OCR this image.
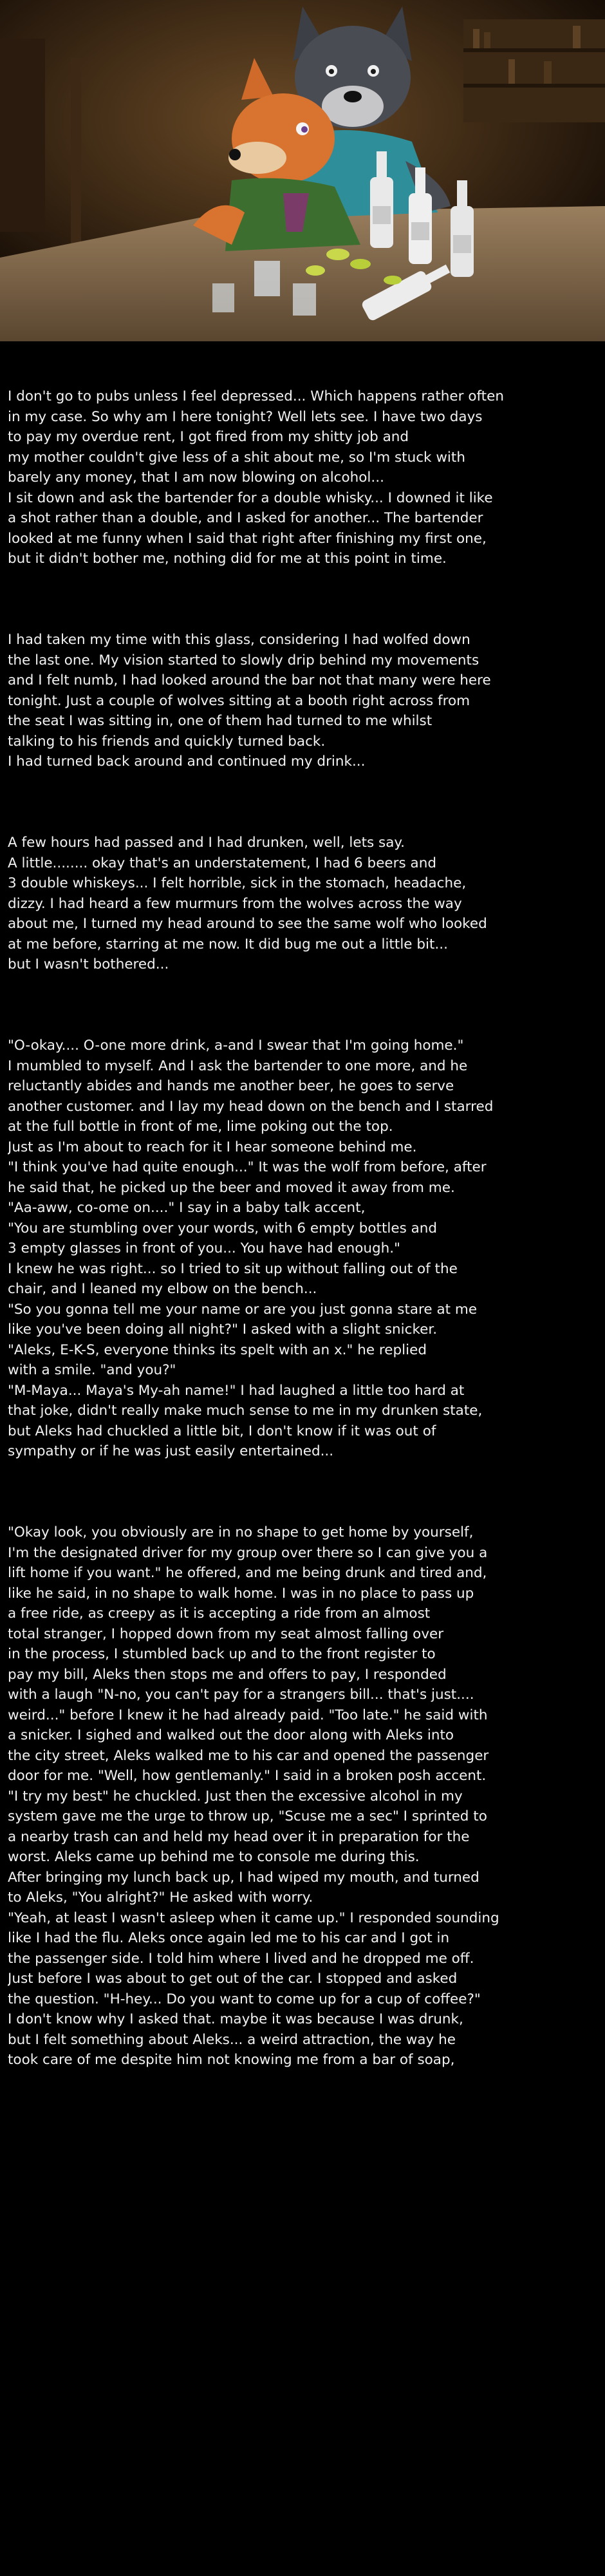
I don't go to pubs unless I feel depressed... Which happens rather often
in my case. So why am I here tonight? Well lets see. I have two days
to pay my overdue rent, I got fired from my shitty job and
my mother couldn't give less of a shit about me, so I'm stuck with
barely any money, that I am now blowing on alcohol...
I sit down and ask the bartender for a double whisky... I downed it like
a shot rather than a double, and I asked for another... The bartender
looked at me funny when I said that right after finishing my first one,
but it didn't bother me, nothing did for me at this point in time.

I had taken my time with this glass, considering I had wolfed down
the last one. My vision started to slowly drip behind my movements
and I felt numb, I had looked around the bar not that many were here
tonight. Just a couple of wolves sitting at a booth right across from
the seat I was sitting in, one of them had turned to me whilst
talking to his friends and quickly turned back.
I had turned back around and continued my drink...

A few hours had passed and I had drunken, well, lets say.
A little........ okay that's an understatement, I had 6 beers and
3 double whiskeys... I felt horrible, sick in the stomach, headache,
dizzy. I had heard a few murmurs from the wolves across the way
about me, I turned my head around to see the same wolf who looked
at me before, starring at me now. It did bug me out a little bit...
but I wasn't bothered...

"O-okay.... O-one more drink, a-and I swear that I'm going home."
I mumbled to myself. And I ask the bartender to one more, and he
reluctantly abides and hands me another beer, he goes to serve
another customer. and I lay my head down on the bench and I starred
at the full bottle in front of me, lime poking out the top.
Just as I'm about to reach for it I hear someone behind me.
"I think you've had quite enough..." It was the wolf from before, after
he said that, he picked up the beer and moved it away from me.
"Aa-aww, co-ome on...." I say in a baby talk accent,
"You are stumbling over your words, with 6 empty bottles and
3 empty glasses in front of you... You have had enough."
I knew he was right... so I tried to sit up without falling out of the
chair, and I leaned my elbow on the bench...
"So you gonna tell me your name or are you just gonna stare at me
like you've been doing all night?" I asked with a slight snicker.
"Aleks, E-K-S, everyone thinks its spelt with an x." he replied
with a smile. "and you?"
"M-Maya... Maya's My-ah name!" I had laughed a little too hard at
that joke, didn't really make much sense to me in my drunken state,
but Aleks had chuckled a little bit, I don't know if it was out of
sympathy or if he was just easily entertained...

"Okay look, you obviously are in no shape to get home by yourself,
I'm the designated driver for my group over there so I can give you a
lift home if you want." he offered, and me being drunk and tired and,
like he said, in no shape to walk home. I was in no place to pass up
a free ride, as creepy as it is accepting a ride from an almost
total stranger, I hopped down from my seat almost falling over
in the process, I stumbled back up and to the front register to
pay my bill, Aleks then stops me and offers to pay, I responded
with a laugh "N-no, you can't pay for a strangers bill... that's just....
weird..." before I knew it he had already paid. "Too late." he said with
a snicker. I sighed and walked out the door along with Aleks into
the city street, Aleks walked me to his car and opened the passenger
door for me. "Well, how gentlemanly." I said in a broken posh accent.
"I try my best" he chuckled. Just then the excessive alcohol in my
system gave me the urge to throw up, "Scuse me a sec" I sprinted to
a nearby trash can and held my head over it in preparation for the
worst. Aleks came up behind me to console me during this.
After bringing my lunch back up, I had wiped my mouth, and turned
to Aleks, "You alright?" He asked with worry.
"Yeah, at least I wasn't asleep when it came up." I responded sounding
like I had the flu. Aleks once again led me to his car and I got in
the passenger side. I told him where I lived and he dropped me off.
Just before I was about to get out of the car. I stopped and asked
the question. "H-hey... Do you want to come up for a cup of coffee?"
I don't know why I asked that. maybe it was because I was drunk,
but I felt something about Aleks... a weird attraction, the way he
took care of me despite him not knowing me from a bar of soap,
